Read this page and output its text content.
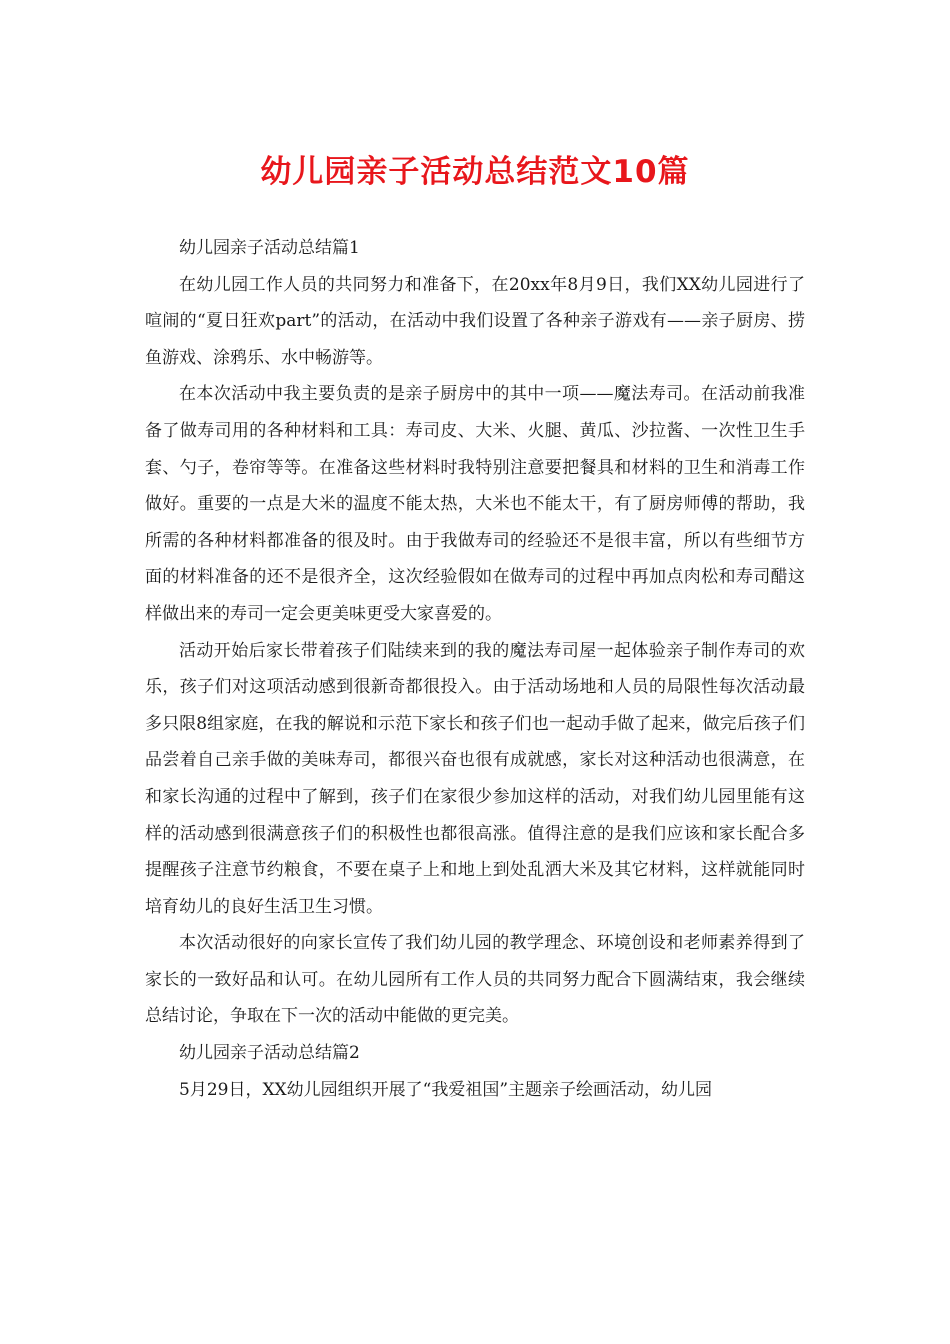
幼儿园亲子活动总结范文10篇

幼儿园亲子活动总结篇1

在幼儿园工作人员的共同努力和准备下，在20xx年8月9日，我们XX幼儿园进行了喧闹的“夏日狂欢part”的活动，在活动中我们设置了各种亲子游戏有——亲子厨房、捞鱼游戏、涂鸦乐、水中畅游等。

在本次活动中我主要负责的是亲子厨房中的其中一项——魔法寿司。在活动前我准备了做寿司用的各种材料和工具：寿司皮、大米、火腿、黄瓜、沙拉酱、一次性卫生手套、勺子，卷帘等等。在准备这些材料时我特别注意要把餐具和材料的卫生和消毒工作做好。重要的一点是大米的温度不能太热，大米也不能太干，有了厨房师傅的帮助，我所需的各种材料都准备的很及时。由于我做寿司的经验还不是很丰富，所以有些细节方面的材料准备的还不是很齐全，这次经验假如在做寿司的过程中再加点肉松和寿司醋这样做出来的寿司一定会更美味更受大家喜爱的。

活动开始后家长带着孩子们陆续来到的我的魔法寿司屋一起体验亲子制作寿司的欢乐，孩子们对这项活动感到很新奇都很投入。由于活动场地和人员的局限性每次活动最多只限8组家庭，在我的解说和示范下家长和孩子们也一起动手做了起来，做完后孩子们品尝着自己亲手做的美味寿司，都很兴奋也很有成就感，家长对这种活动也很满意，在和家长沟通的过程中了解到，孩子们在家很少参加这样的活动，对我们幼儿园里能有这样的活动感到很满意孩子们的积极性也都很高涨。值得注意的是我们应该和家长配合多提醒孩子注意节约粮食，不要在桌子上和地上到处乱洒大米及其它材料，这样就能同时培育幼儿的良好生活卫生习惯。

本次活动很好的向家长宣传了我们幼儿园的教学理念、环境创设和老师素养得到了家长的一致好品和认可。在幼儿园所有工作人员的共同努力配合下圆满结束，我会继续总结讨论，争取在下一次的活动中能做的更完美。

幼儿园亲子活动总结篇2

5月29日，XX幼儿园组织开展了“我爱祖国”主题亲子绘画活动，幼儿园
